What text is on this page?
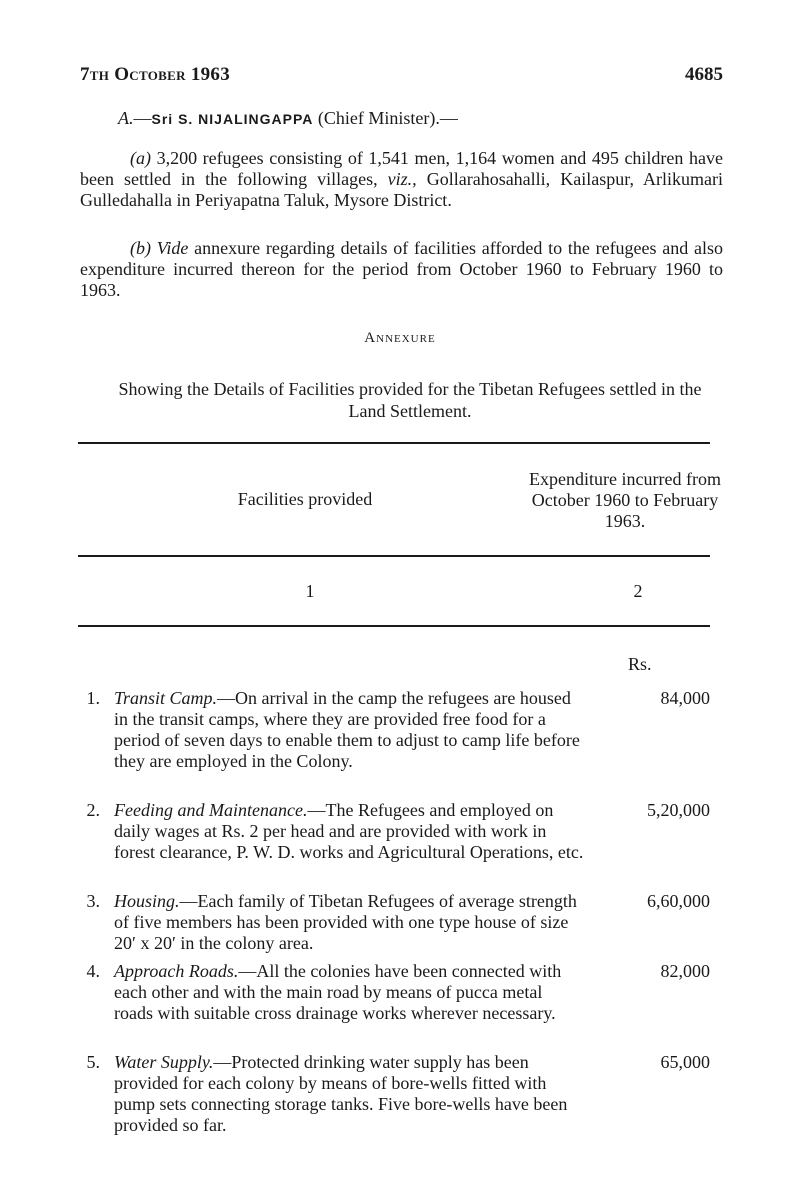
7th October 1963	4685
A.—Sri S. NIJALINGAPPA (Chief Minister).—

(a) 3,200 refugees consisting of 1,541 men, 1,164 women and 495 children have been settled in the following villages, viz., Gollarahosahalli, Kailaspur, Arlikumari Gulledahalla in Periyapatna Taluk, Mysore District.

(b) Vide annexure regarding details of facilities afforded to the refugees and also expenditure incurred thereon for the period from October 1960 to February 1960 to 1963.

Annexure
Showing the Details of Facilities provided for the Tibetan Refugees settled in the Land Settlement.
Facilities provided
Expenditure incurred from October 1960 to February 1963.
1	2
Rs.
1. Transit Camp.—On arrival in the camp the refugees are housed in the transit camps, where they are provided free food for a period of seven days to enable them to adjust to camp life before they are employed in the Colony.
84,000
2. Feeding and Maintenance.—The Refugees and employed on daily wages at Rs. 2 per head and are provided with work in forest clearance, P. W. D. works and Agricultural Operations, etc.
5,20,000
3. Housing.—Each family of Tibetan Refugees of average strength of five members has been provided with one type house of size 20′ x 20′ in the colony area.
6,60,000
4. Approach Roads.—All the colonies have been connected with each other and with the main road by means of pucca metal roads with suitable cross drainage works wherever necessary.
82,000
5. Water Supply.—Protected drinking water supply has been provided for each colony by means of bore-wells fitted with pump sets connecting storage tanks. Five bore-wells have been provided so far.
65,000
